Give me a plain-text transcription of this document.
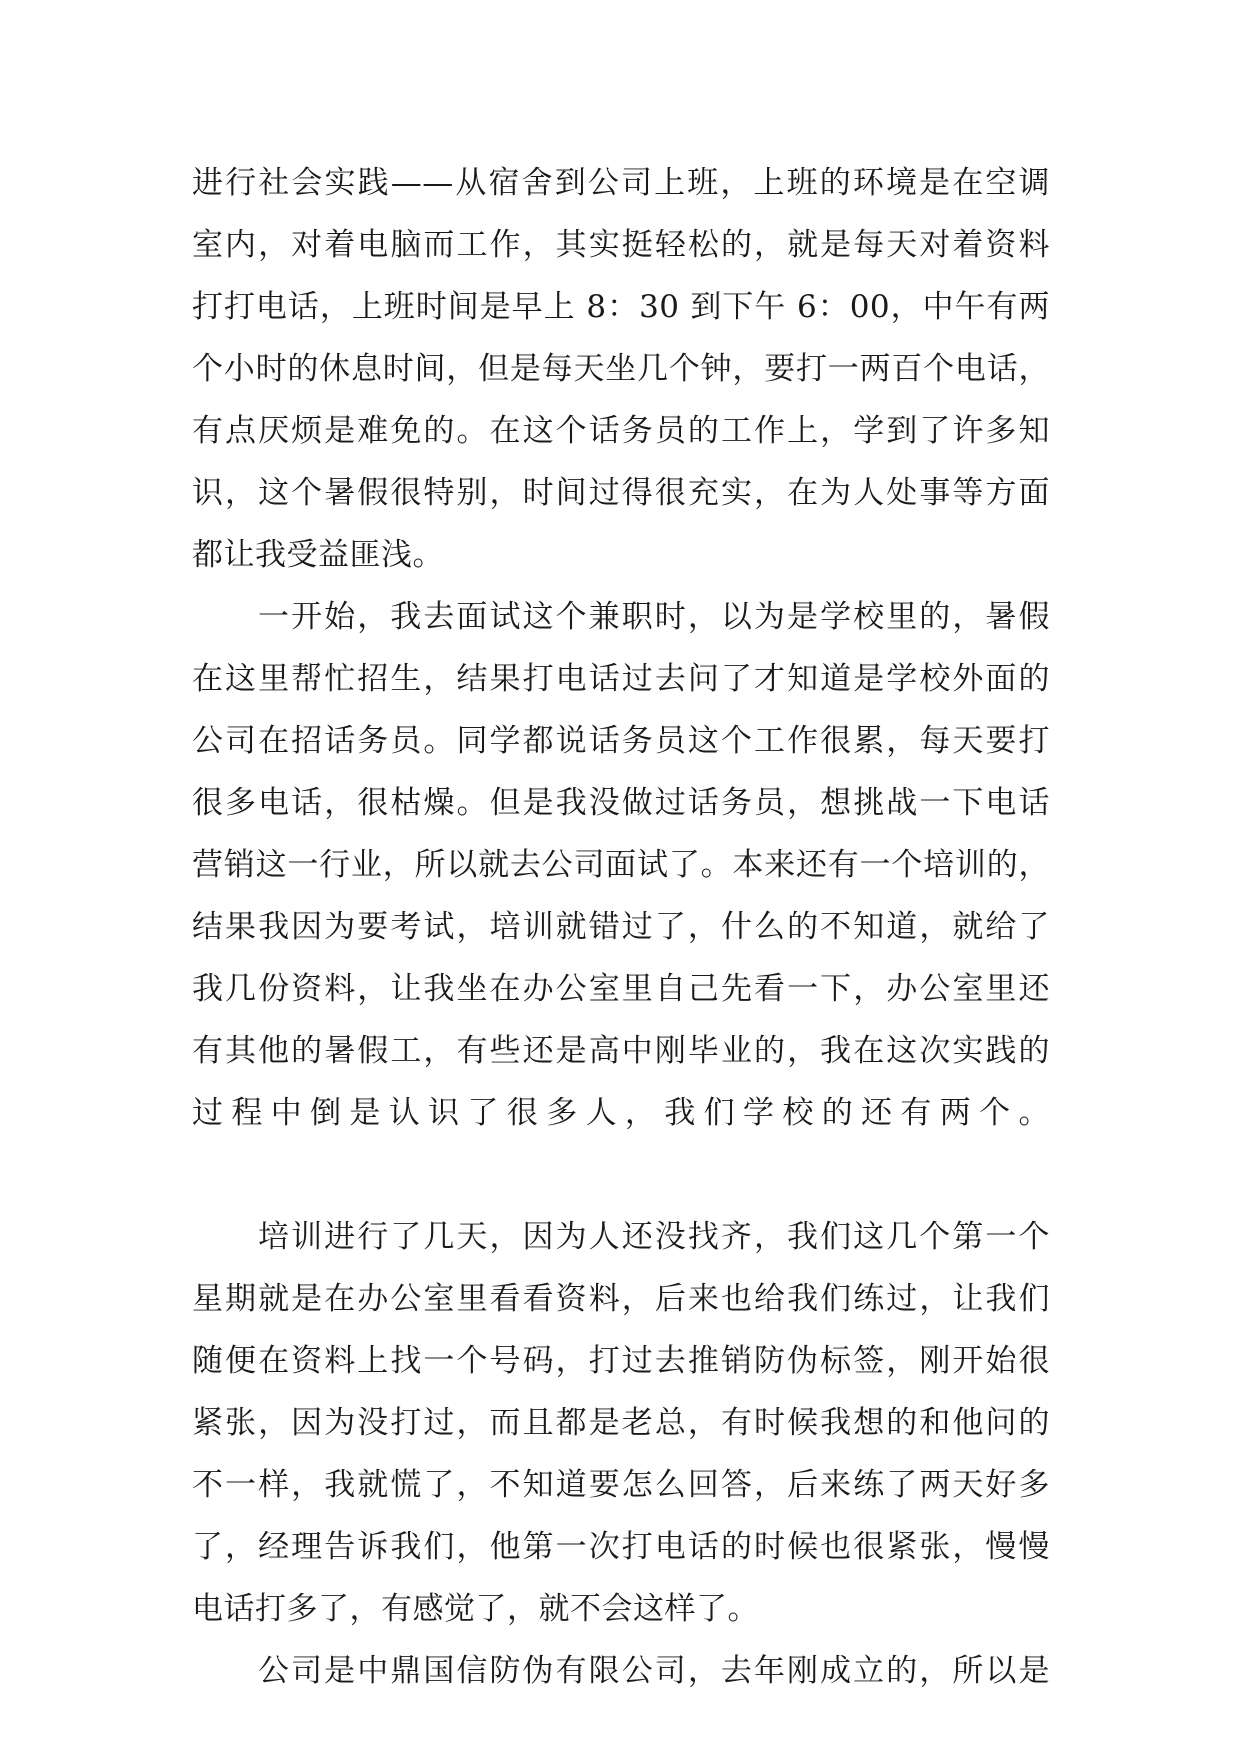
进行社会实践——从宿舍到公司上班，上班的环境是在空调
室内，对着电脑而工作，其实挺轻松的，就是每天对着资料
打打电话，上班时间是早上 8：30 到下午 6：00，中午有两
个小时的休息时间，但是每天坐几个钟，要打一两百个电话，
有点厌烦是难免的。在这个话务员的工作上，学到了许多知
识，这个暑假很特别，时间过得很充实，在为人处事等方面
都让我受益匪浅。
一开始，我去面试这个兼职时，以为是学校里的，暑假
在这里帮忙招生，结果打电话过去问了才知道是学校外面的
公司在招话务员。同学都说话务员这个工作很累，每天要打
很多电话，很枯燥。但是我没做过话务员，想挑战一下电话
营销这一行业，所以就去公司面试了。本来还有一个培训的，
结果我因为要考试，培训就错过了，什么的不知道，就给了
我几份资料，让我坐在办公室里自己先看一下，办公室里还
有其他的暑假工，有些还是高中刚毕业的，我在这次实践的
过程中倒是认识了很多人，我们学校的还有两个。
培训进行了几天，因为人还没找齐，我们这几个第一个
星期就是在办公室里看看资料，后来也给我们练过，让我们
随便在资料上找一个号码，打过去推销防伪标签，刚开始很
紧张，因为没打过，而且都是老总，有时候我想的和他问的
不一样，我就慌了，不知道要怎么回答，后来练了两天好多
了，经理告诉我们，他第一次打电话的时候也很紧张，慢慢
电话打多了，有感觉了，就不会这样了。
公司是中鼎国信防伪有限公司，去年刚成立的，所以是
